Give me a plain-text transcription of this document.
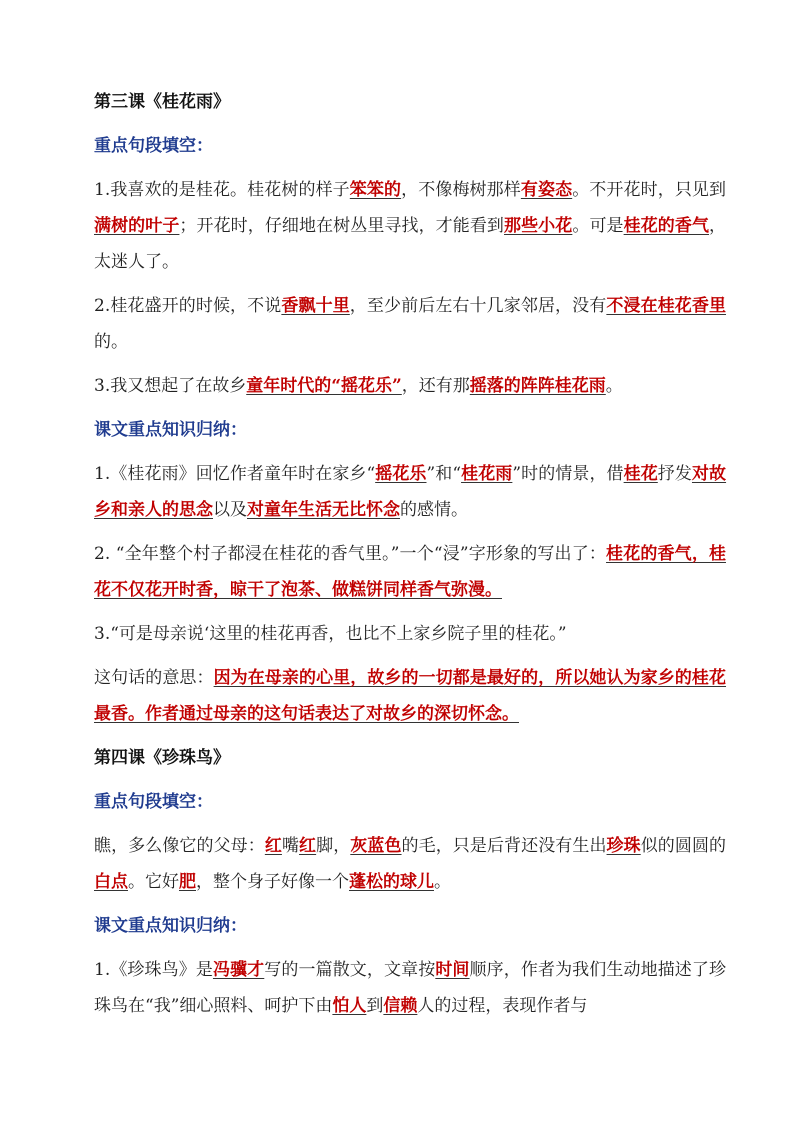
第三课《桂花雨》

重点句段填空：

1.我喜欢的是桂花。桂花树的样子笨笨的，不像梅树那样有姿态。不开花时，只见到满树的叶子；开花时，仔细地在树丛里寻找，才能看到那些小花。可是桂花的香气，太迷人了。

2.桂花盛开的时候，不说香飘十里，至少前后左右十几家邻居，没有不浸在桂花香里的。

3.我又想起了在故乡童年时代的“摇花乐”，还有那摇落的阵阵桂花雨。

课文重点知识归纳：

1.《桂花雨》回忆作者童年时在家乡“摇花乐”和“桂花雨”时的情景，借桂花抒发对故乡和亲人的思念以及对童年生活无比怀念的感情。

2. “全年整个村子都浸在桂花的香气里。”一个“浸”字形象的写出了：桂花的香气，桂花不仅花开时香，晾干了泡茶、做糕饼同样香气弥漫。

3.“可是母亲说‘这里的桂花再香，也比不上家乡院子里的桂花。”

这句话的意思：因为在母亲的心里，故乡的一切都是最好的，所以她认为家乡的桂花最香。作者通过母亲的这句话表达了对故乡的深切怀念。

第四课《珍珠鸟》

重点句段填空：

瞧，多么像它的父母：红嘴红脚，灰蓝色的毛，只是后背还没有生出珍珠似的圆圆的白点。它好肥，整个身子好像一个蓬松的球儿。

课文重点知识归纳：

1.《珍珠鸟》是冯骥才写的一篇散文，文章按时间顺序，作者为我们生动地描述了珍珠鸟在“我”细心照料、呵护下由怕人到信赖人的过程，表现作者与
